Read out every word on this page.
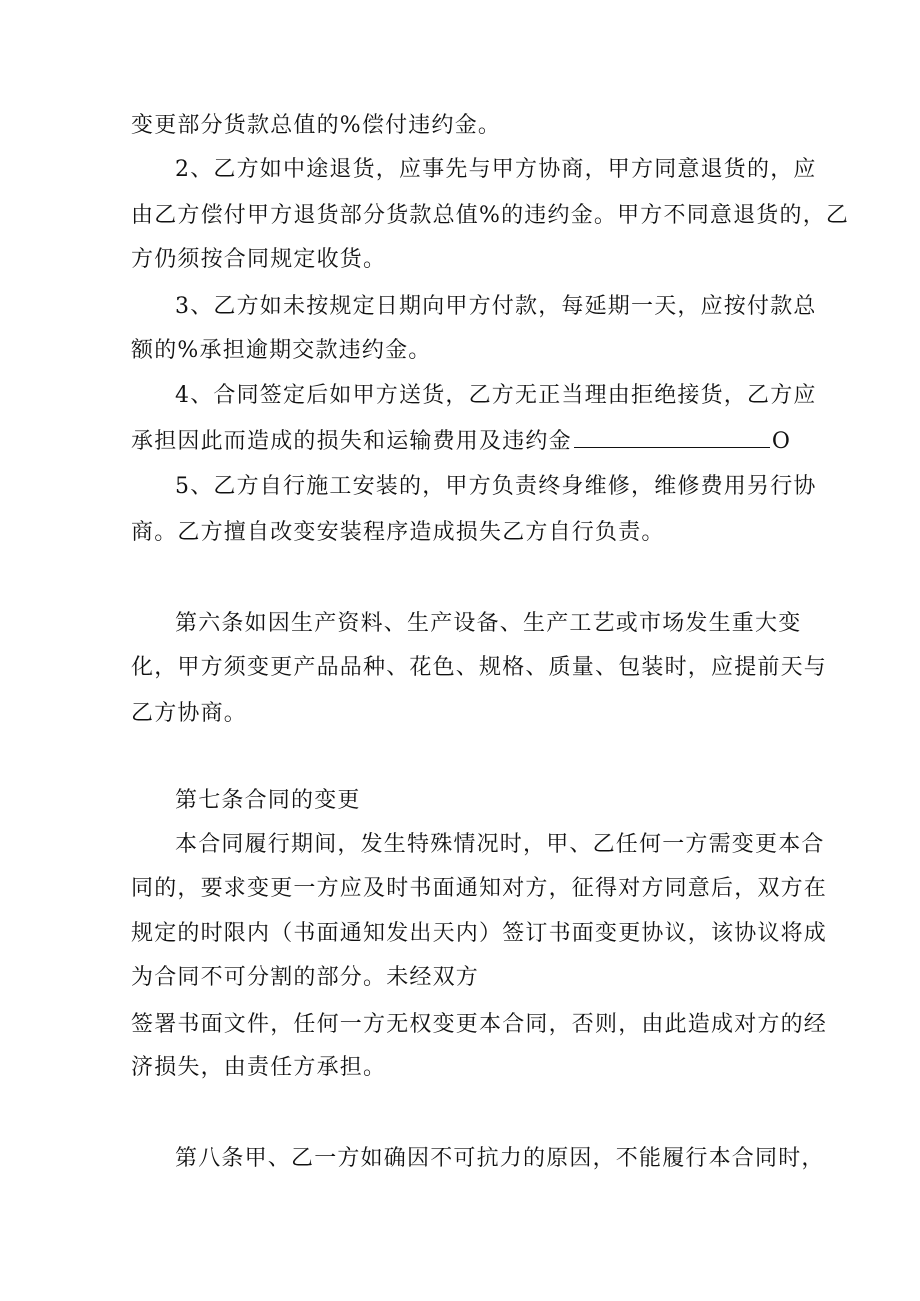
变更部分货款总值的%偿付违约金。
2、乙方如中途退货，应事先与甲方协商，甲方同意退货的，应
由乙方偿付甲方退货部分货款总值%的违约金。甲方不同意退货的，乙
方仍须按合同规定收货。
3、乙方如未按规定日期向甲方付款，每延期一天，应按付款总
额的%承担逾期交款违约金。
4、合同签定后如甲方送货，乙方无正当理由拒绝接货，乙方应
承担因此而造成的损失和运输费用及违约金	O
5、乙方自行施工安装的，甲方负责终身维修，维修费用另行协
商。乙方擅自改变安装程序造成损失乙方自行负责。
第六条如因生产资料、生产设备、生产工艺或市场发生重大变
化，甲方须变更产品品种、花色、规格、质量、包装时，应提前天与
乙方协商。
第七条合同的变更
本合同履行期间，发生特殊情况时，甲、乙任何一方需变更本合
同的，要求变更一方应及时书面通知对方，征得对方同意后，双方在
规定的时限内（书面通知发出天内）签订书面变更协议，该协议将成
为合同不可分割的部分。未经双方
签署书面文件，任何一方无权变更本合同，否则，由此造成对方的经
济损失，由责任方承担。
第八条甲、乙一方如确因不可抗力的原因，不能履行本合同时，
